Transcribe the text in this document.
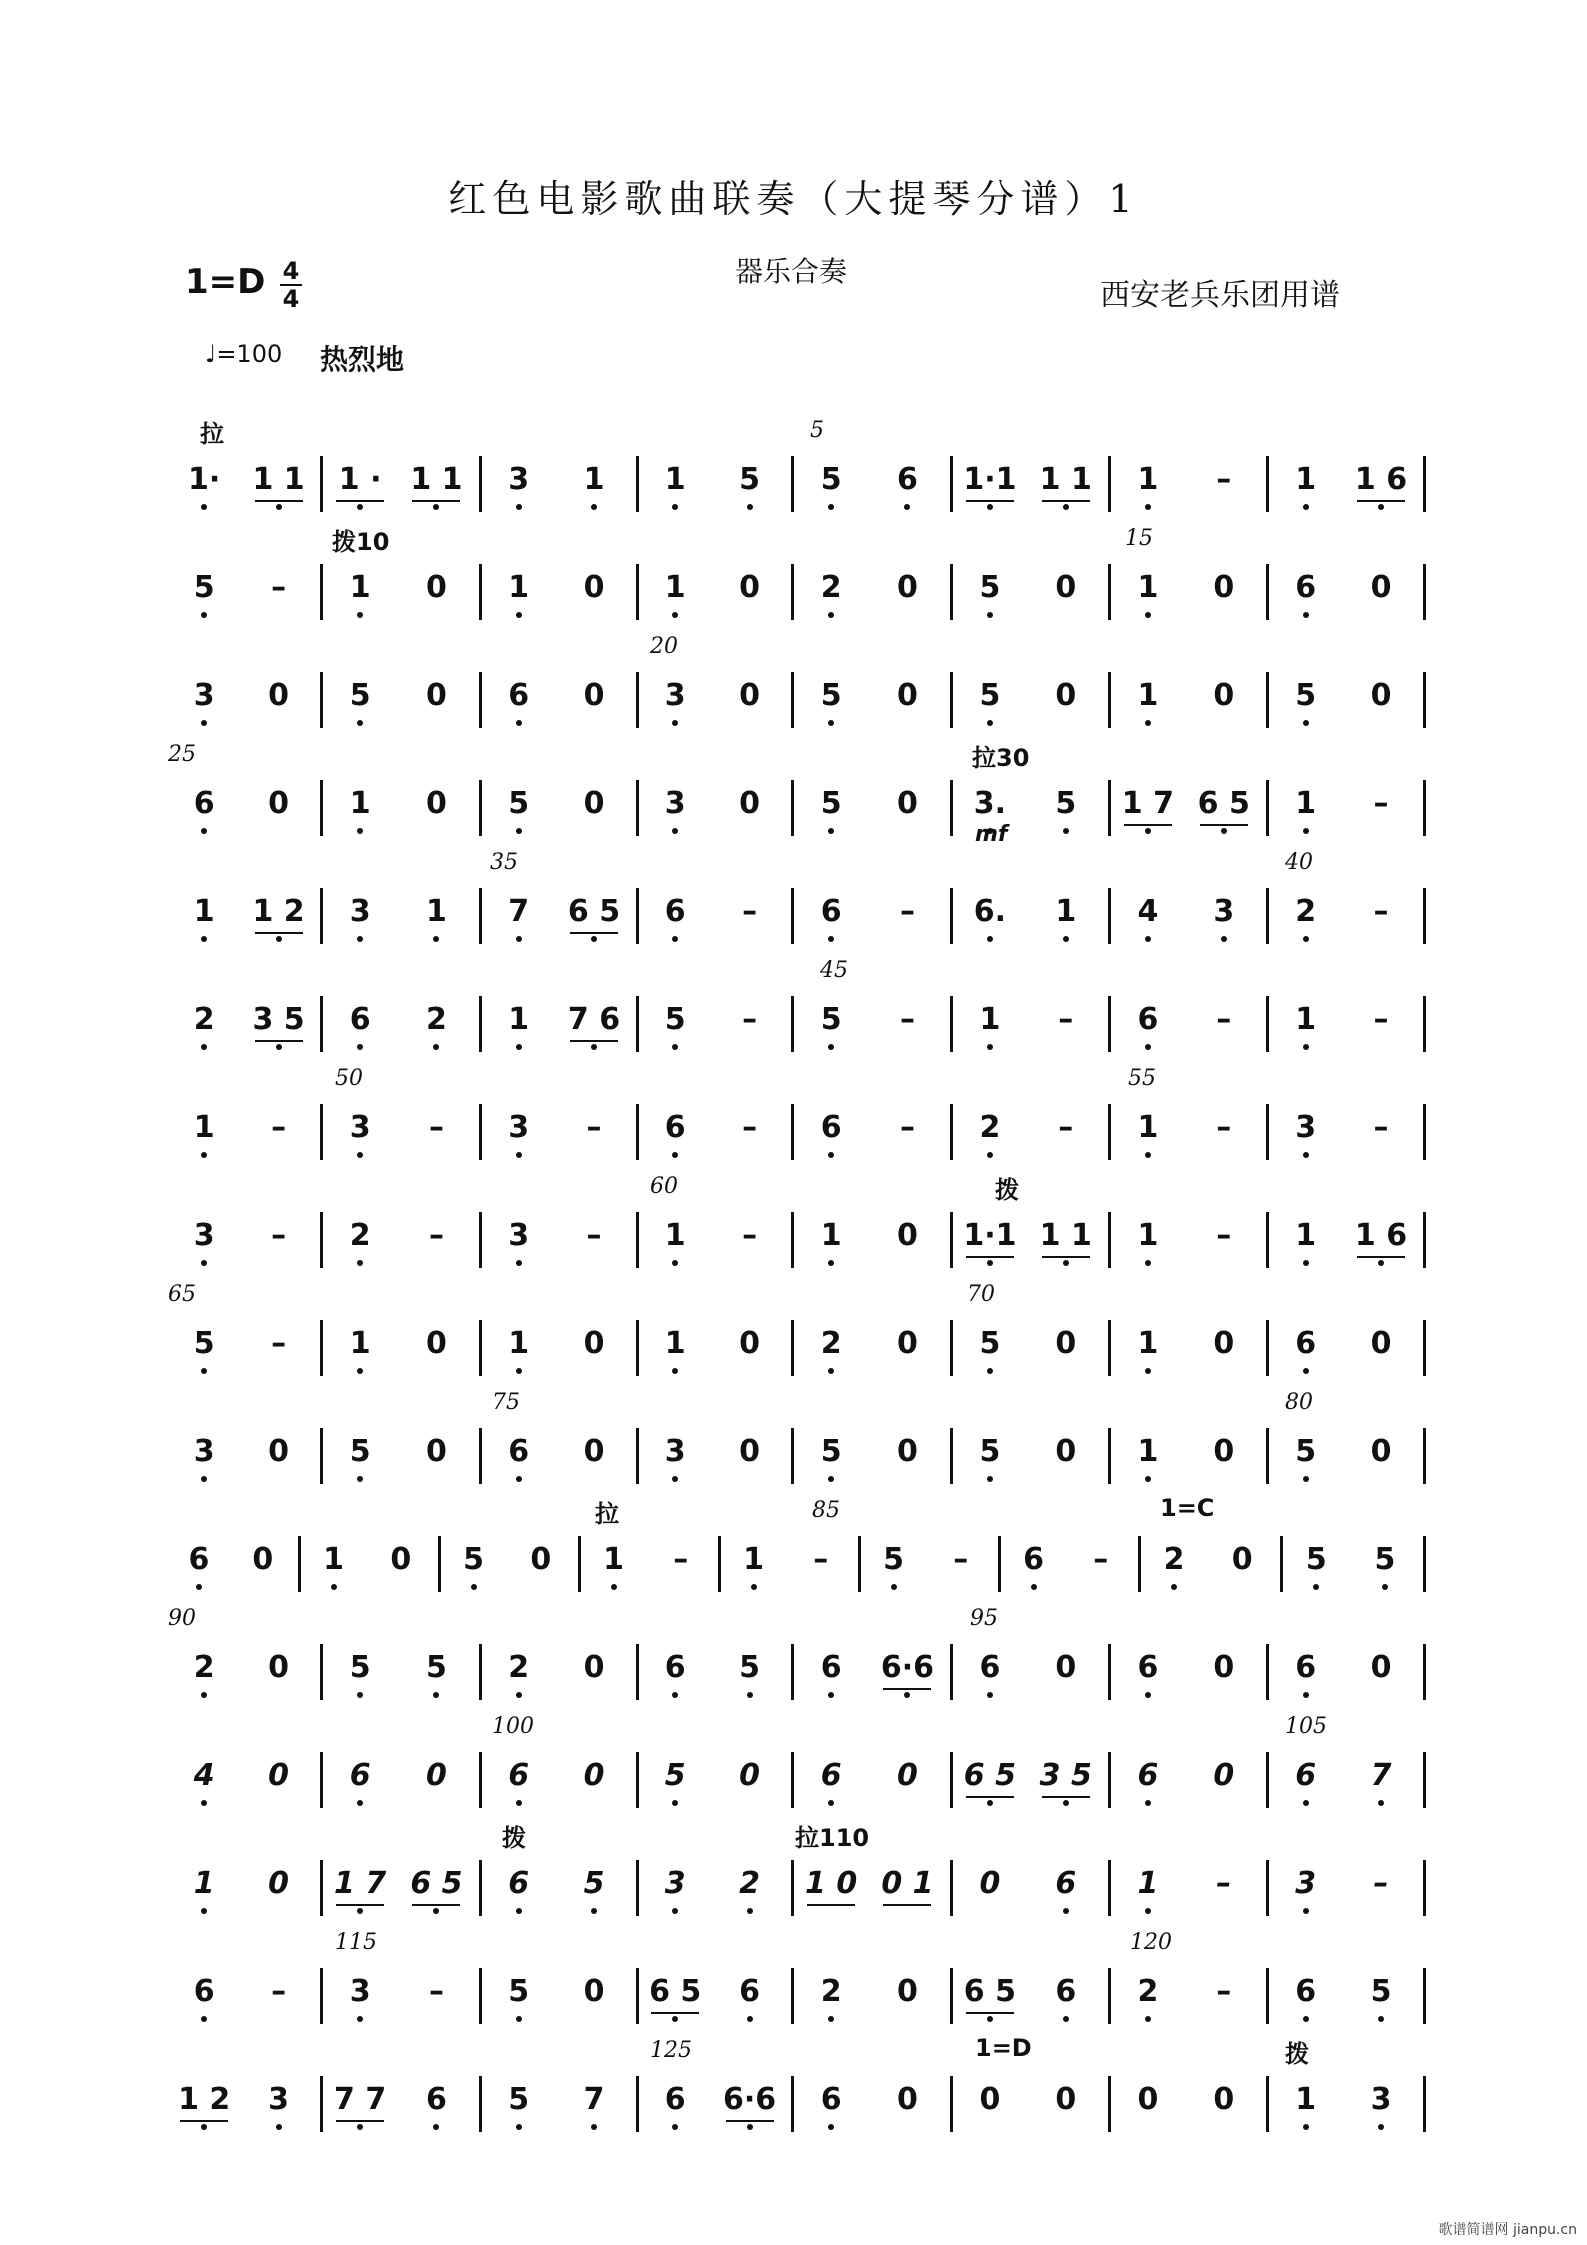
红色电影歌曲联奏（大提琴分谱）1
1=D 4
4
器乐合奏
西安老兵乐团用谱
♩=100 热烈地
1· 1 1 1 · 1 1 3 1 1 5 5 6 1·1 1 1 1 – 1 1 6
5
拉
5 – 1 0 1 0 1 0 2 0 5 0 1 0 6 0
15
拨10
3 0 5 0 6 0 3 0 5 0 5 0 1 0 5 0
20
6 0 1 0 5 0 3 0 5 0 3. 5 1 7 6 5 1 –
25	拉30
mf
1 1 2 3 1 7 6 5 6 – 6 – 6. 1 4 3 2 –
35	40
2 3 5 6 2 1 7 6 5 – 5 – 1 – 6 – 1 –
45
1 – 3 – 3 – 6 – 6 – 2 – 1 – 3 –
50	55
3 – 2 – 3 – 1 – 1 0 1·1 1 1 1 – 1 1 6
60	拨
5 – 1 0 1 0 1 0 2 0 5 0 1 0 6 0
65	70
3 0 5 0 6 0 3 0 5 0 5 0 1 0 5 0
75	80
6 0 1 0 5 0 1 – 1 – 5 – 6 – 2 0 5 5
85
拉	1=C
2 0 5 5 2 0 6 5 6 6·6 6 0 6 0 6 0
90	95
4 0 6 0 6 0 5 0 6 0 6 5 3 5 6 0 6 7
100	105
1 0 1 7 6 5 6 5 3 2 1 0 0 1 0 6 1 – 3 –
拨	拉110
6 – 3 – 5 0 6 5 6 2 0 6 5 6 2 – 6 5
115	120
1 2 3 7 7 6 5 7 6 6·6 6 0 0 0 0 0 1 3
125	1=D	拨
歌谱简谱网 jianpu.cn
